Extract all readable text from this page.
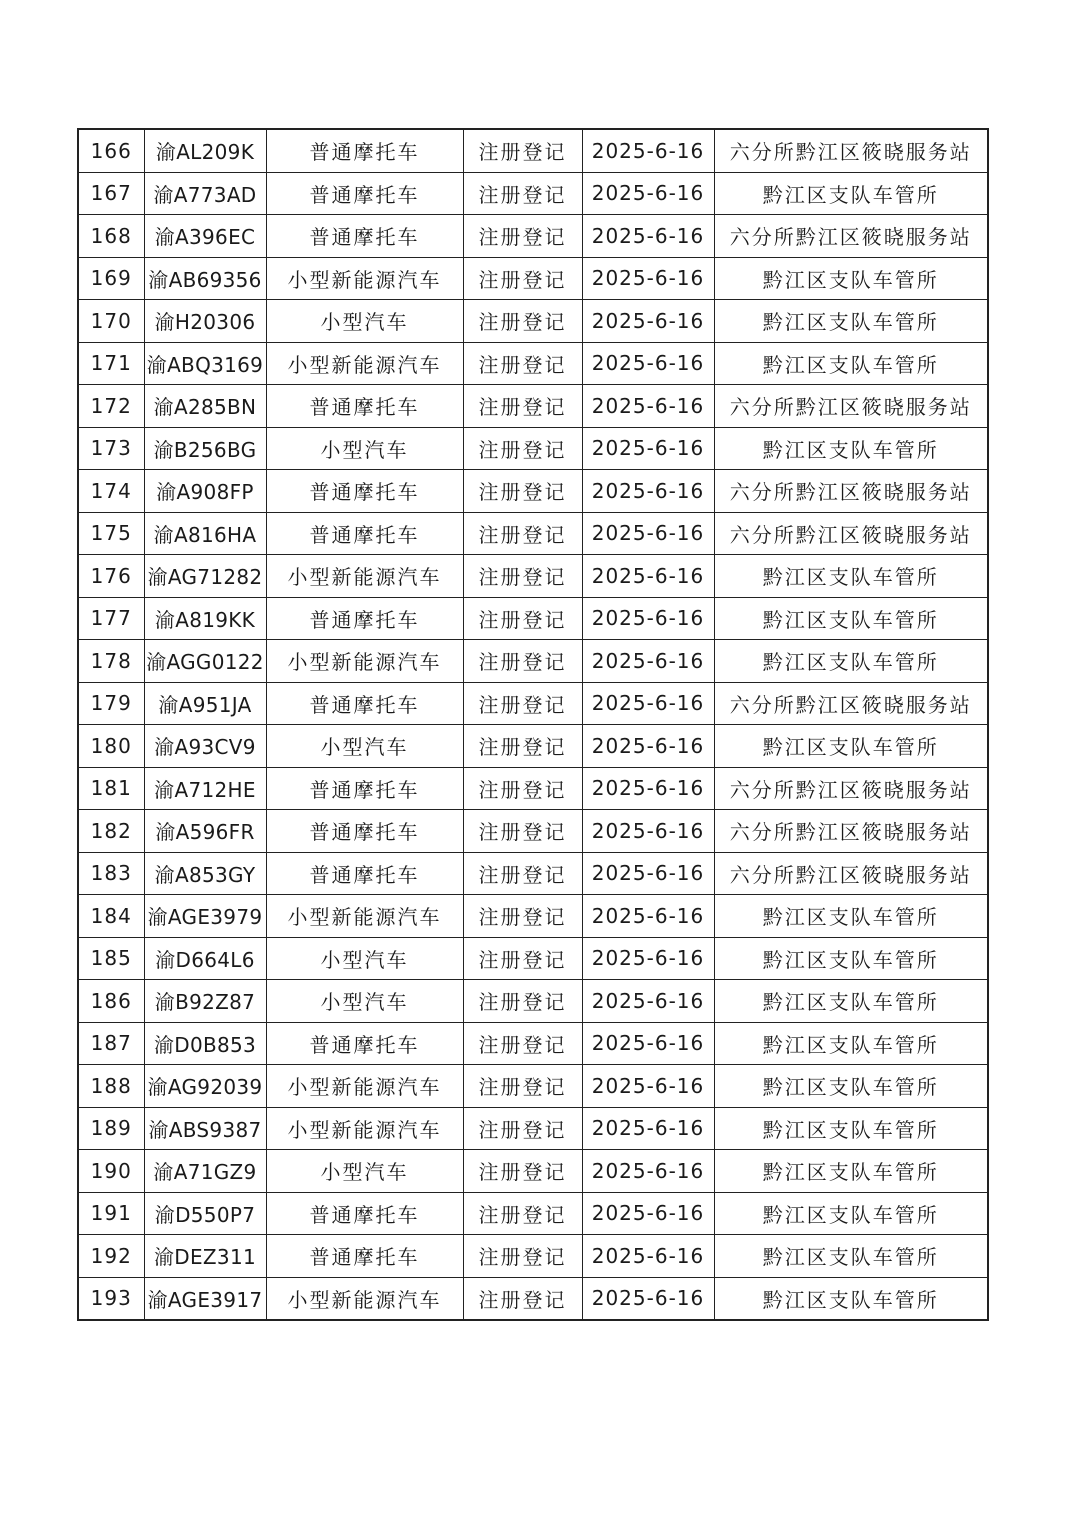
166	渝AL209K	普通摩托车	注册登记	2025-6-16	六分所黔江区筱晓服务站
167	渝A773AD	普通摩托车	注册登记	2025-6-16	黔江区支队车管所
168	渝A396EC	普通摩托车	注册登记	2025-6-16	六分所黔江区筱晓服务站
169	渝AB69356	小型新能源汽车	注册登记	2025-6-16	黔江区支队车管所
170	渝H20306	小型汽车	注册登记	2025-6-16	黔江区支队车管所
171	渝ABQ3169	小型新能源汽车	注册登记	2025-6-16	黔江区支队车管所
172	渝A285BN	普通摩托车	注册登记	2025-6-16	六分所黔江区筱晓服务站
173	渝B256BG	小型汽车	注册登记	2025-6-16	黔江区支队车管所
174	渝A908FP	普通摩托车	注册登记	2025-6-16	六分所黔江区筱晓服务站
175	渝A816HA	普通摩托车	注册登记	2025-6-16	六分所黔江区筱晓服务站
176	渝AG71282	小型新能源汽车	注册登记	2025-6-16	黔江区支队车管所
177	渝A819KK	普通摩托车	注册登记	2025-6-16	黔江区支队车管所
178	渝AGG0122	小型新能源汽车	注册登记	2025-6-16	黔江区支队车管所
179	渝A951JA	普通摩托车	注册登记	2025-6-16	六分所黔江区筱晓服务站
180	渝A93CV9	小型汽车	注册登记	2025-6-16	黔江区支队车管所
181	渝A712HE	普通摩托车	注册登记	2025-6-16	六分所黔江区筱晓服务站
182	渝A596FR	普通摩托车	注册登记	2025-6-16	六分所黔江区筱晓服务站
183	渝A853GY	普通摩托车	注册登记	2025-6-16	六分所黔江区筱晓服务站
184	渝AGE3979	小型新能源汽车	注册登记	2025-6-16	黔江区支队车管所
185	渝D664L6	小型汽车	注册登记	2025-6-16	黔江区支队车管所
186	渝B92Z87	小型汽车	注册登记	2025-6-16	黔江区支队车管所
187	渝D0B853	普通摩托车	注册登记	2025-6-16	黔江区支队车管所
188	渝AG92039	小型新能源汽车	注册登记	2025-6-16	黔江区支队车管所
189	渝ABS9387	小型新能源汽车	注册登记	2025-6-16	黔江区支队车管所
190	渝A71GZ9	小型汽车	注册登记	2025-6-16	黔江区支队车管所
191	渝D550P7	普通摩托车	注册登记	2025-6-16	黔江区支队车管所
192	渝DEZ311	普通摩托车	注册登记	2025-6-16	黔江区支队车管所
193	渝AGE3917	小型新能源汽车	注册登记	2025-6-16	黔江区支队车管所
